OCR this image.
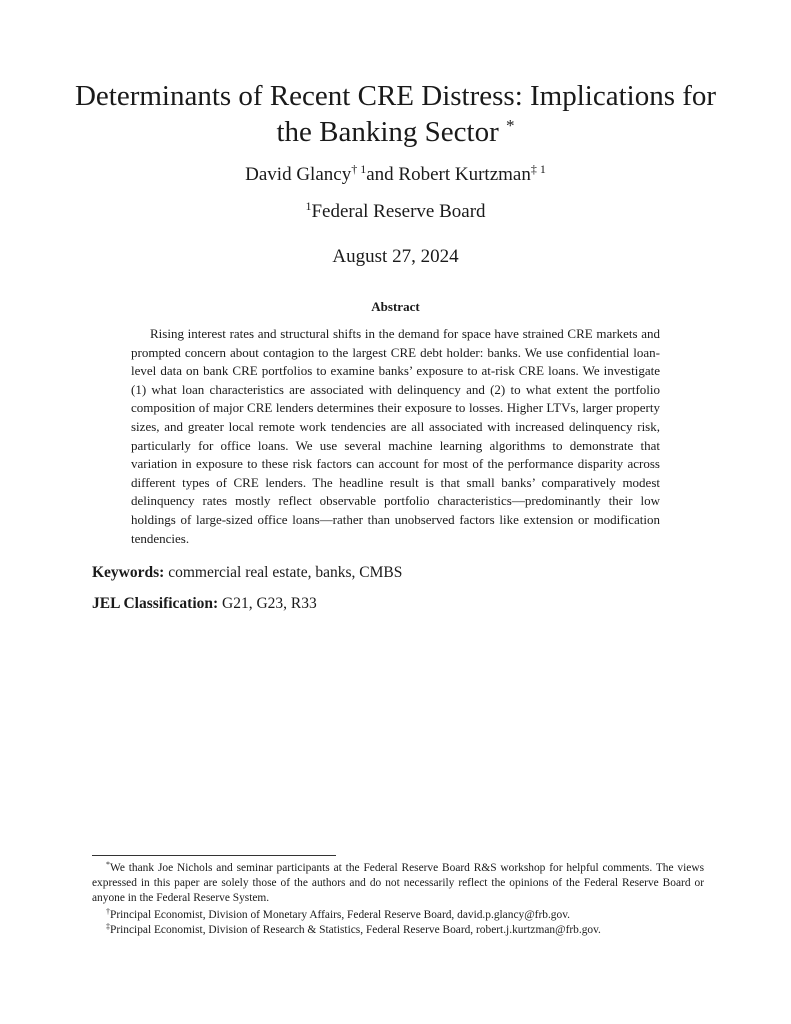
Determinants of Recent CRE Distress: Implications for
the Banking Sector *
David Glancy$^{\dagger 1}$and Robert Kurtzman$^{\ddagger 1}$
$^1$Federal Reserve Board
August 27, 2024
Abstract

Rising interest rates and structural shifts in the demand for space have strained CRE markets and prompted concern about contagion to the largest CRE debt holder: banks. We use confidential loan-level data on bank CRE portfolios to examine banks’ exposure to at-risk CRE loans. We investigate (1) what loan characteristics are associated with delinquency and (2) to what extent the portfolio composition of major CRE lenders determines their exposure to losses. Higher LTVs, larger property sizes, and greater local remote work tendencies are all associated with increased delinquency risk, particularly for office loans. We use several machine learning algorithms to demonstrate that variation in exposure to these risk factors can account for most of the performance disparity across different types of CRE lenders. The headline result is that small banks’ comparatively modest delinquency rates mostly reflect observable portfolio characteristics—predominantly their low holdings of large-sized office loans—rather than unobserved factors like extension or modification tendencies.

Keywords: commercial real estate, banks, CMBS
JEL Classification: G21, G23, R33

*We thank Joe Nichols and seminar participants at the Federal Reserve Board R&S workshop for helpful comments. The views expressed in this paper are solely those of the authors and do not necessarily reflect the opinions of the Federal Reserve Board or anyone in the Federal Reserve System.

†Principal Economist, Division of Monetary Affairs, Federal Reserve Board, david.p.glancy@frb.gov.

‡Principal Economist, Division of Research & Statistics, Federal Reserve Board, robert.j.kurtzman@frb.gov.
